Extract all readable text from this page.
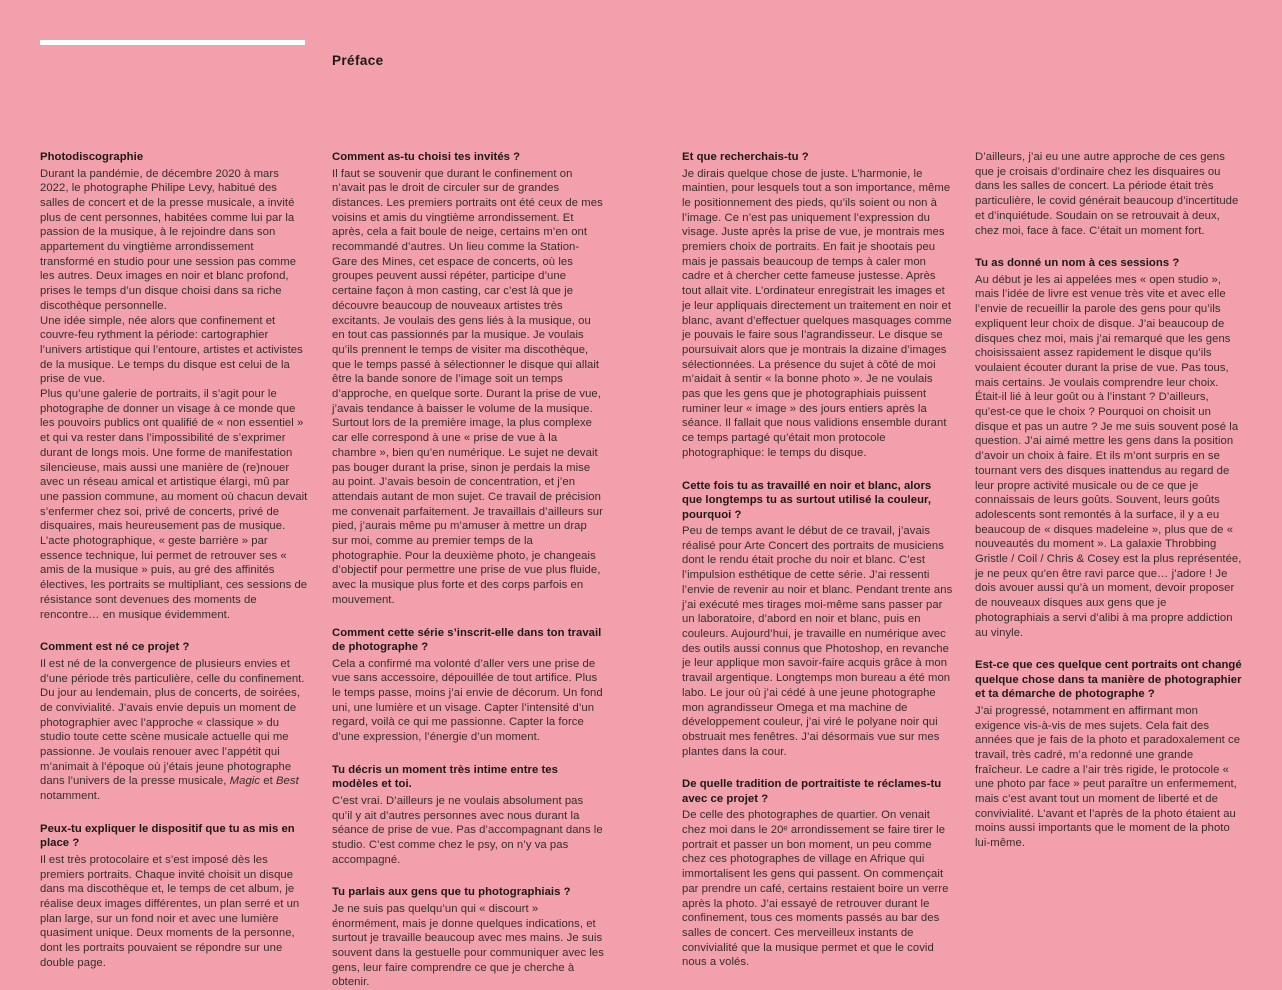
Préface
Photodiscographie

Durant la pandémie, de décembre 2020 à mars 2022, le photographe Philipe Levy, habitué des salles de concert et de la presse musicale, a invité plus de cent personnes, habitées comme lui par la passion de la musique, à le rejoindre dans son appartement du vingtième arrondissement transformé en studio pour une session pas comme les autres. Deux images en noir et blanc profond, prises le temps d’un disque choisi dans sa riche discothèque personnelle.

Une idée simple, née alors que confinement et couvre-feu rythment la période: cartographier l’univers artistique qui l’entoure, artistes et activistes de la musique. Le temps du disque est celui de la prise de vue.

Plus qu’une galerie de portraits, il s’agit pour le photographe de donner un visage à ce monde que les pouvoirs publics ont qualifié de « non essentiel » et qui va rester dans l’impossibilité de s’exprimer durant de longs mois. Une forme de manifestation silencieuse, mais aussi une manière de (re)nouer avec un réseau amical et artistique élargi, mû par une passion commune, au moment où chacun devait s’enfermer chez soi, privé de concerts, privé de disquaires, mais heureusement pas de musique. L’acte photographique, « geste barrière » par essence technique, lui permet de retrouver ses « amis de la musique » puis, au gré des affinités électives, les portraits se multipliant, ces sessions de résistance sont devenues des moments de rencontre… en musique évidemment.

Comment est né ce projet ?

Il est né de la convergence de plusieurs envies et d’une période très particulière, celle du confinement. Du jour au lendemain, plus de concerts, de soirées, de convivialité. J’avais envie depuis un moment de photographier avec l’approche « classique » du studio toute cette scène musicale actuelle qui me passionne. Je voulais renouer avec l’appétit qui m’animait à l’époque où j’étais jeune photographe dans l’univers de la presse musicale, Magic et Best notamment.

Peux-tu expliquer le dispositif que tu as mis en place ?

Il est très protocolaire et s’est imposé dès les premiers portraits. Chaque invité choisit un disque dans ma discothèque et, le temps de cet album, je réalise deux images différentes, un plan serré et un plan large, sur un fond noir et avec une lumière quasiment unique. Deux moments de la personne, dont les portraits pouvaient se répondre sur une double page.

Comment as-tu choisi tes invités ?

Il faut se souvenir que durant le confinement on n’avait pas le droit de circuler sur de grandes distances. Les premiers portraits ont été ceux de mes voisins et amis du vingtième arrondissement. Et après, cela a fait boule de neige, certains m’en ont recommandé d’autres. Un lieu comme la Station-Gare des Mines, cet espace de concerts, où les groupes peuvent aussi répéter, participe d’une certaine façon à mon casting, car c’est là que je découvre beaucoup de nouveaux artistes très excitants. Je voulais des gens liés à la musique, ou en tout cas passionnés par la musique. Je voulais qu’ils prennent le temps de visiter ma discothèque, que le temps passé à sélectionner le disque qui allait être la bande sonore de l’image soit un temps d’approche, en quelque sorte. Durant la prise de vue, j’avais tendance à baisser le volume de la musique. Surtout lors de la première image, la plus complexe car elle correspond à une « prise de vue à la chambre », bien qu’en numérique. Le sujet ne devait pas bouger durant la prise, sinon je perdais la mise au point. J’avais besoin de concentration, et j’en attendais autant de mon sujet. Ce travail de précision me convenait parfaitement. Je travaillais d’ailleurs sur pied, j’aurais même pu m’amuser à mettre un drap sur moi, comme au premier temps de la photographie. Pour la deuxième photo, je changeais d’objectif pour permettre une prise de vue plus fluide, avec la musique plus forte et des corps parfois en mouvement.

Comment cette série s’inscrit-elle dans ton travail de photographe ?

Cela a confirmé ma volonté d’aller vers une prise de vue sans accessoire, dépouillée de tout artifice. Plus le temps passe, moins j’ai envie de décorum. Un fond uni, une lumière et un visage. Capter l’intensité d’un regard, voilà ce qui me passionne. Capter la force d’une expression, l’énergie d’un moment.

Tu décris un moment très intime entre tes modèles et toi.

C’est vrai. D’ailleurs je ne voulais absolument pas qu’il y ait d’autres personnes avec nous durant la séance de prise de vue. Pas d’accompagnant dans le studio. C’est comme chez le psy, on n’y va pas accompagné.

Tu parlais aux gens que tu photographiais ?

Je ne suis pas quelqu’un qui « discourt » énormément, mais je donne quelques indications, et surtout je travaille beaucoup avec mes mains. Je suis souvent dans la gestuelle pour communiquer avec les gens, leur faire comprendre ce que je cherche à obtenir.

Et que recherchais-tu ?

Je dirais quelque chose de juste. L’harmonie, le maintien, pour lesquels tout a son importance, même le positionnement des pieds, qu’ils soient ou non à l’image. Ce n’est pas uniquement l’expression du visage. Juste après la prise de vue, je montrais mes premiers choix de portraits. En fait je shootais peu mais je passais beaucoup de temps à caler mon cadre et à chercher cette fameuse justesse. Après tout allait vite. L’ordinateur enregistrait les images et je leur appliquais directement un traitement en noir et blanc, avant d’effectuer quelques masquages comme je pouvais le faire sous l’agrandisseur. Le disque se poursuivait alors que je montrais la dizaine d’images sélectionnées. La présence du sujet à côté de moi m’aidait à sentir « la bonne photo ». Je ne voulais pas que les gens que je photographiais puissent ruminer leur « image » des jours entiers après la séance. Il fallait que nous validions ensemble durant ce temps partagé qu’était mon protocole photographique: le temps du disque.

Cette fois tu as travaillé en noir et blanc, alors que longtemps tu as surtout utilisé la couleur, pourquoi ?

Peu de temps avant le début de ce travail, j’avais réalisé pour Arte Concert des portraits de musiciens dont le rendu était proche du noir et blanc. C’est l’impulsion esthétique de cette série. J’ai ressenti l’envie de revenir au noir et blanc. Pendant trente ans j’ai exécuté mes tirages moi-même sans passer par un laboratoire, d’abord en noir et blanc, puis en couleurs. Aujourd’hui, je travaille en numérique avec des outils aussi connus que Photoshop, en revanche je leur applique mon savoir-faire acquis grâce à mon travail argentique. Longtemps mon bureau a été mon labo. Le jour où j’ai cédé à une jeune photographe mon agrandisseur Omega et ma machine de développement couleur, j’ai viré le polyane noir qui obstruait mes fenêtres. J’ai désormais vue sur mes plantes dans la cour.

De quelle tradition de portraitiste te réclames-tu avec ce projet ?

De celle des photographes de quartier. On venait chez moi dans le 20ᵉ arrondissement se faire tirer le portrait et passer un bon moment, un peu comme chez ces photographes de village en Afrique qui immortalisent les gens qui passent. On commençait par prendre un café, certains restaient boire un verre après la photo. J’ai essayé de retrouver durant le confinement, tous ces moments passés au bar des salles de concert. Ces merveilleux instants de convivialité que la musique permet et que le covid nous a volés.

D’ailleurs, j’ai eu une autre approche de ces gens que je croisais d’ordinaire chez les disquaires ou dans les salles de concert. La période était très particulière, le covid générait beaucoup d’incertitude et d’inquiétude. Soudain on se retrouvait à deux, chez moi, face à face. C’était un moment fort.

Tu as donné un nom à ces sessions ?

Au début je les ai appelées mes « open studio », mais l’idée de livre est venue très vite et avec elle l’envie de recueillir la parole des gens pour qu’ils expliquent leur choix de disque. J’ai beaucoup de disques chez moi, mais j’ai remarqué que les gens choisissaient assez rapidement le disque qu’ils voulaient écouter durant la prise de vue. Pas tous, mais certains. Je voulais comprendre leur choix. Était-il lié à leur goût ou à l’instant ? D’ailleurs, qu’est-ce que le choix ? Pourquoi on choisit un disque et pas un autre ? Je me suis souvent posé la question. J’ai aimé mettre les gens dans la position d’avoir un choix à faire. Et ils m’ont surpris en se tournant vers des disques inattendus au regard de leur propre activité musicale ou de ce que je connaissais de leurs goûts. Souvent, leurs goûts adolescents sont remontés à la surface, il y a eu beaucoup de « disques madeleine », plus que de « nouveautés du moment ». La galaxie Throbbing Gristle / Coil / Chris & Cosey est la plus représentée, je ne peux qu’en être ravi parce que… j’adore ! Je dois avouer aussi qu’à un moment, devoir proposer de nouveaux disques aux gens que je photographiais a servi d’alibi à ma propre addiction au vinyle.

Est-ce que ces quelque cent portraits ont changé quelque chose dans ta manière de photographier et ta démarche de photographe ?

J’ai progressé, notamment en affirmant mon exigence vis-à-vis de mes sujets. Cela fait des années que je fais de la photo et paradoxalement ce travail, très cadré, m’a redonné une grande fraîcheur. Le cadre a l’air très rigide, le protocole « une photo par face » peut paraître un enfermement, mais c’est avant tout un moment de liberté et de convivialité. L’avant et l’après de la photo étaient au moins aussi importants que le moment de la photo lui-même.
